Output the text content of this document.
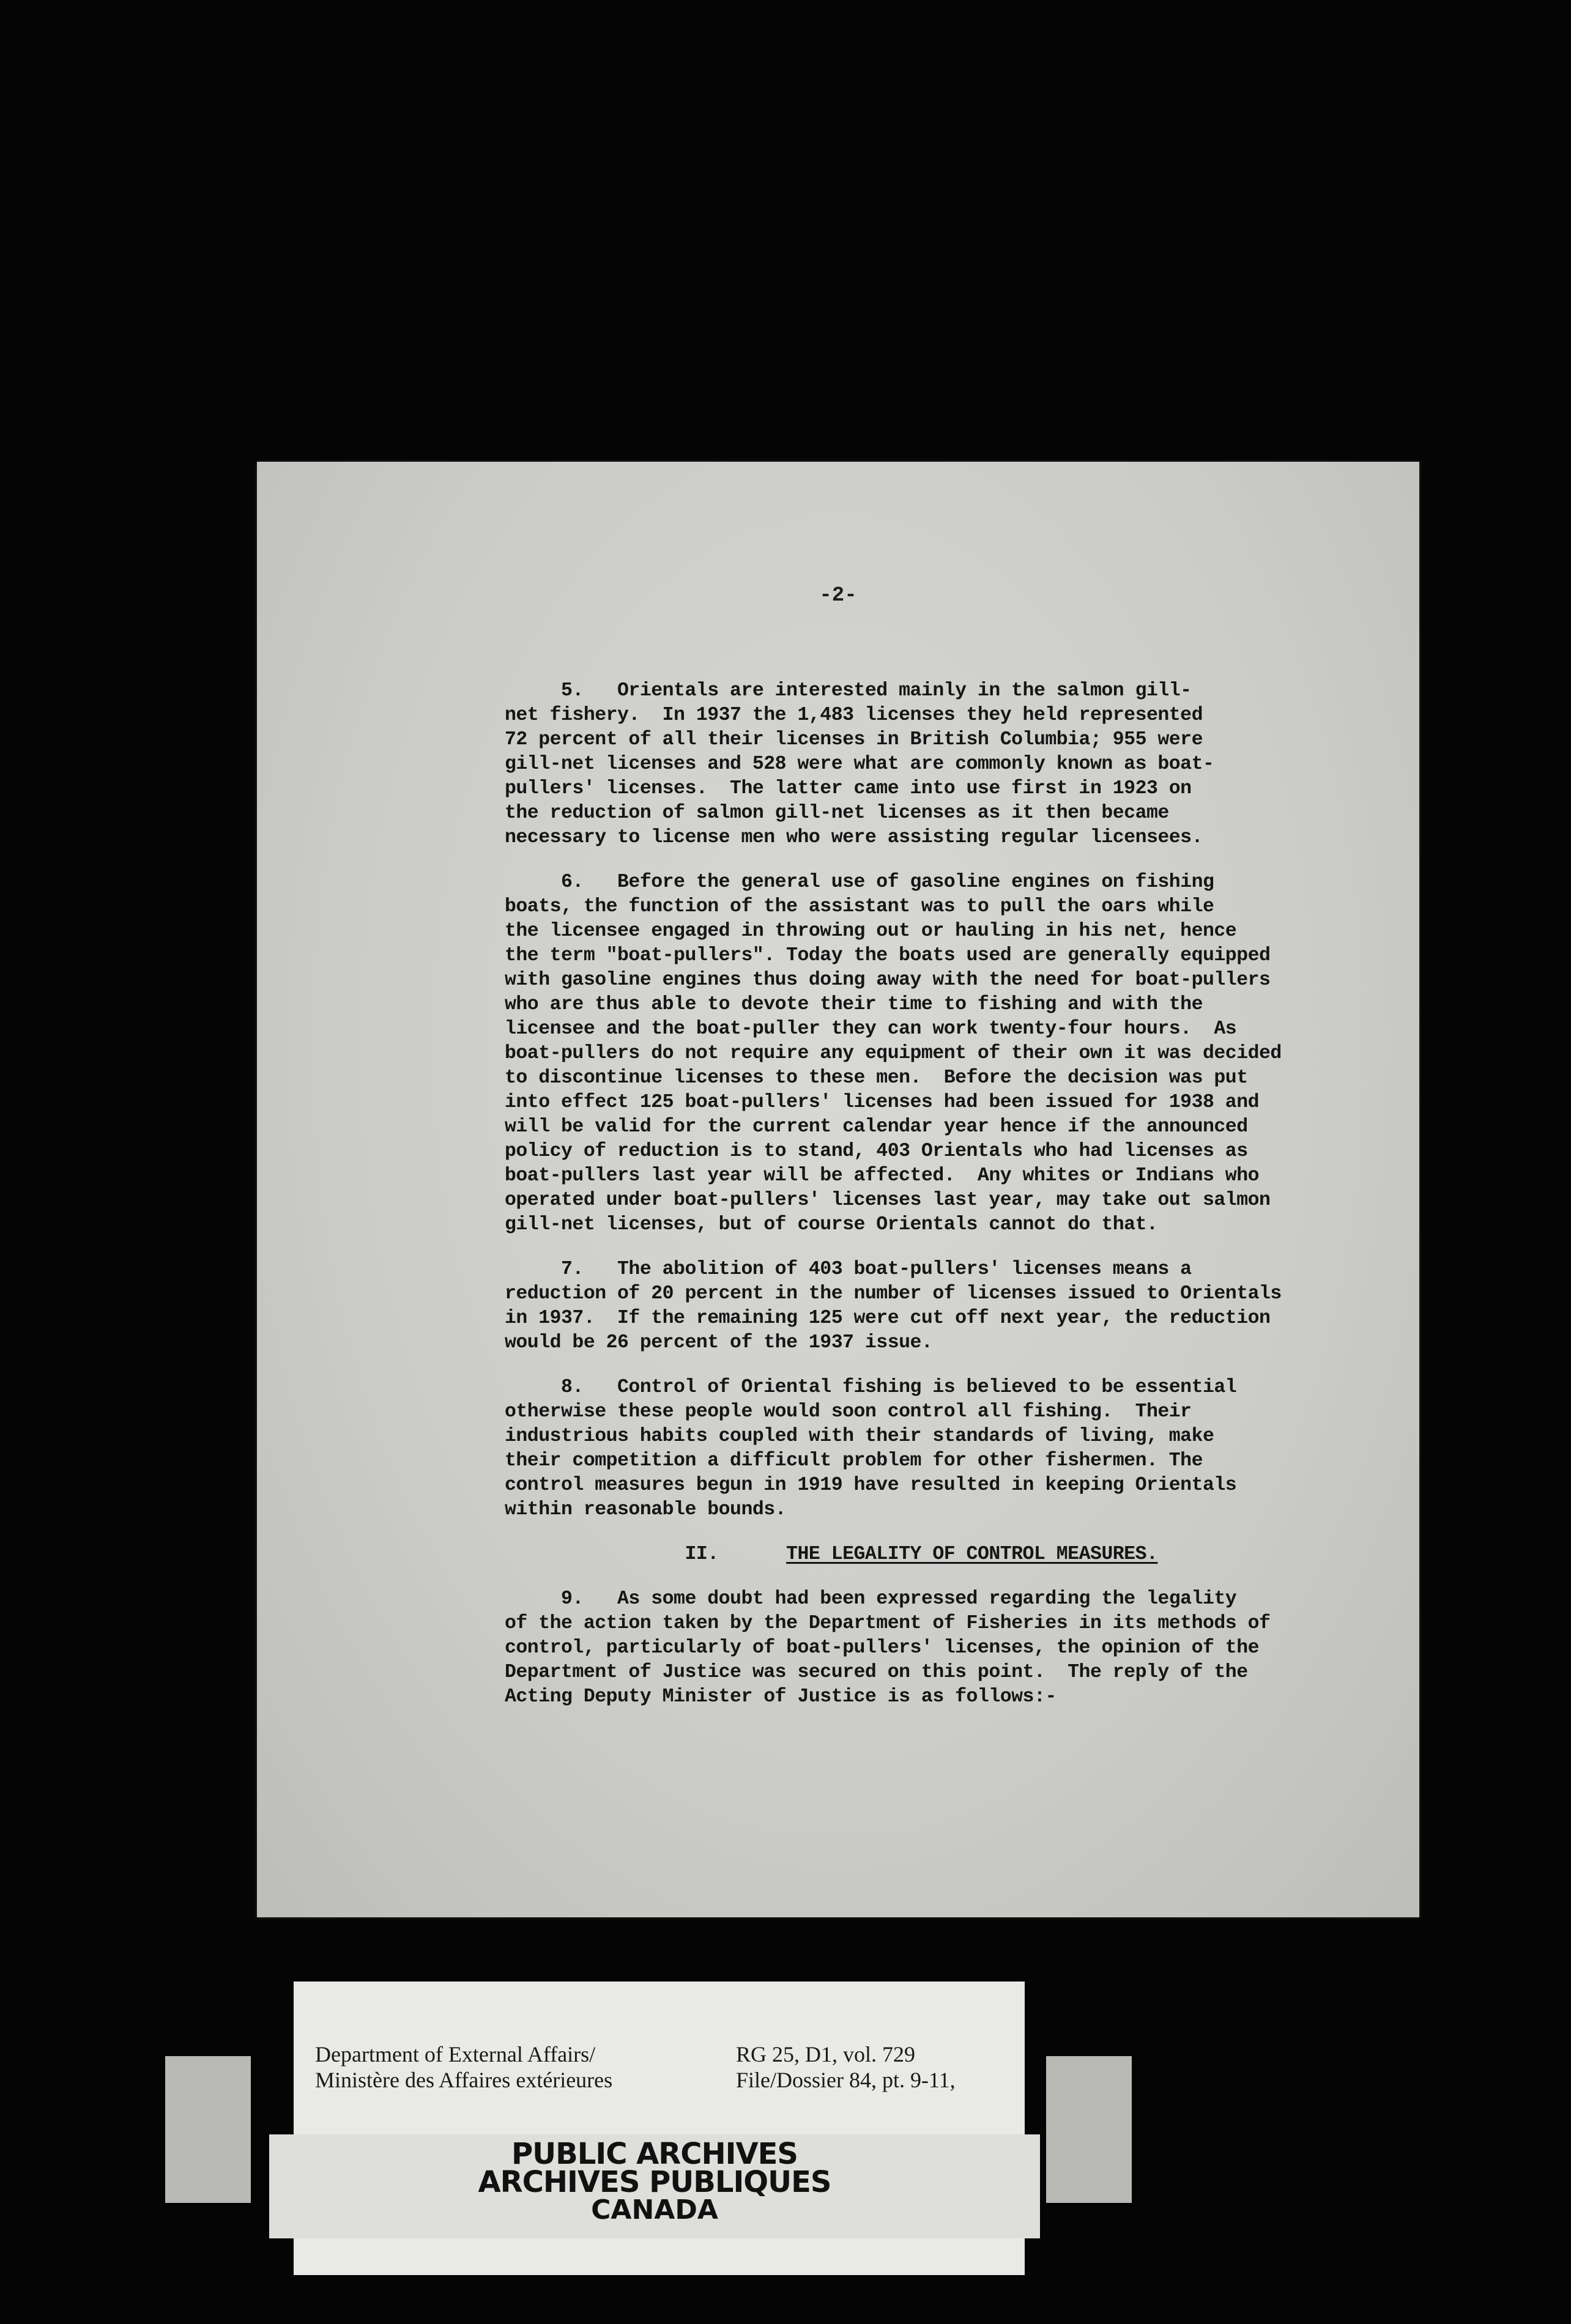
-2-
5.   Orientals are interested mainly in the salmon gill-
net fishery.  In 1937 the 1,483 licenses they held represented
72 percent of all their licenses in British Columbia; 955 were
gill-net licenses and 528 were what are commonly known as boat-
pullers' licenses.  The latter came into use first in 1923 on
the reduction of salmon gill-net licenses as it then became
necessary to license men who were assisting regular licensees.
6.   Before the general use of gasoline engines on fishing
boats, the function of the assistant was to pull the oars while
the licensee engaged in throwing out or hauling in his net, hence
the term "boat-pullers". Today the boats used are generally equipped
with gasoline engines thus doing away with the need for boat-pullers
who are thus able to devote their time to fishing and with the
licensee and the boat-puller they can work twenty-four hours.  As
boat-pullers do not require any equipment of their own it was decided
to discontinue licenses to these men.  Before the decision was put
into effect 125 boat-pullers' licenses had been issued for 1938 and
will be valid for the current calendar year hence if the announced
policy of reduction is to stand, 403 Orientals who had licenses as
boat-pullers last year will be affected.  Any whites or Indians who
operated under boat-pullers' licenses last year, may take out salmon
gill-net licenses, but of course Orientals cannot do that.
7.   The abolition of 403 boat-pullers' licenses means a
reduction of 20 percent in the number of licenses issued to Orientals
in 1937.  If the remaining 125 were cut off next year, the reduction
would be 26 percent of the 1937 issue.
8.   Control of Oriental fishing is believed to be essential
otherwise these people would soon control all fishing.  Their
industrious habits coupled with their standards of living, make
their competition a difficult problem for other fishermen. The
control measures begun in 1919 have resulted in keeping Orientals
within reasonable bounds.
II.	THE LEGALITY OF CONTROL MEASURES.
9.   As some doubt had been expressed regarding the legality
of the action taken by the Department of Fisheries in its methods of
control, particularly of boat-pullers' licenses, the opinion of the
Department of Justice was secured on this point.  The reply of the
Acting Deputy Minister of Justice is as follows:-
Department of External Affairs/
Ministère des Affaires extérieures
RG 25, D1, vol. 729
File/Dossier 84, pt. 9-11,
PUBLIC ARCHIVES
ARCHIVES PUBLIQUES
CANADA
